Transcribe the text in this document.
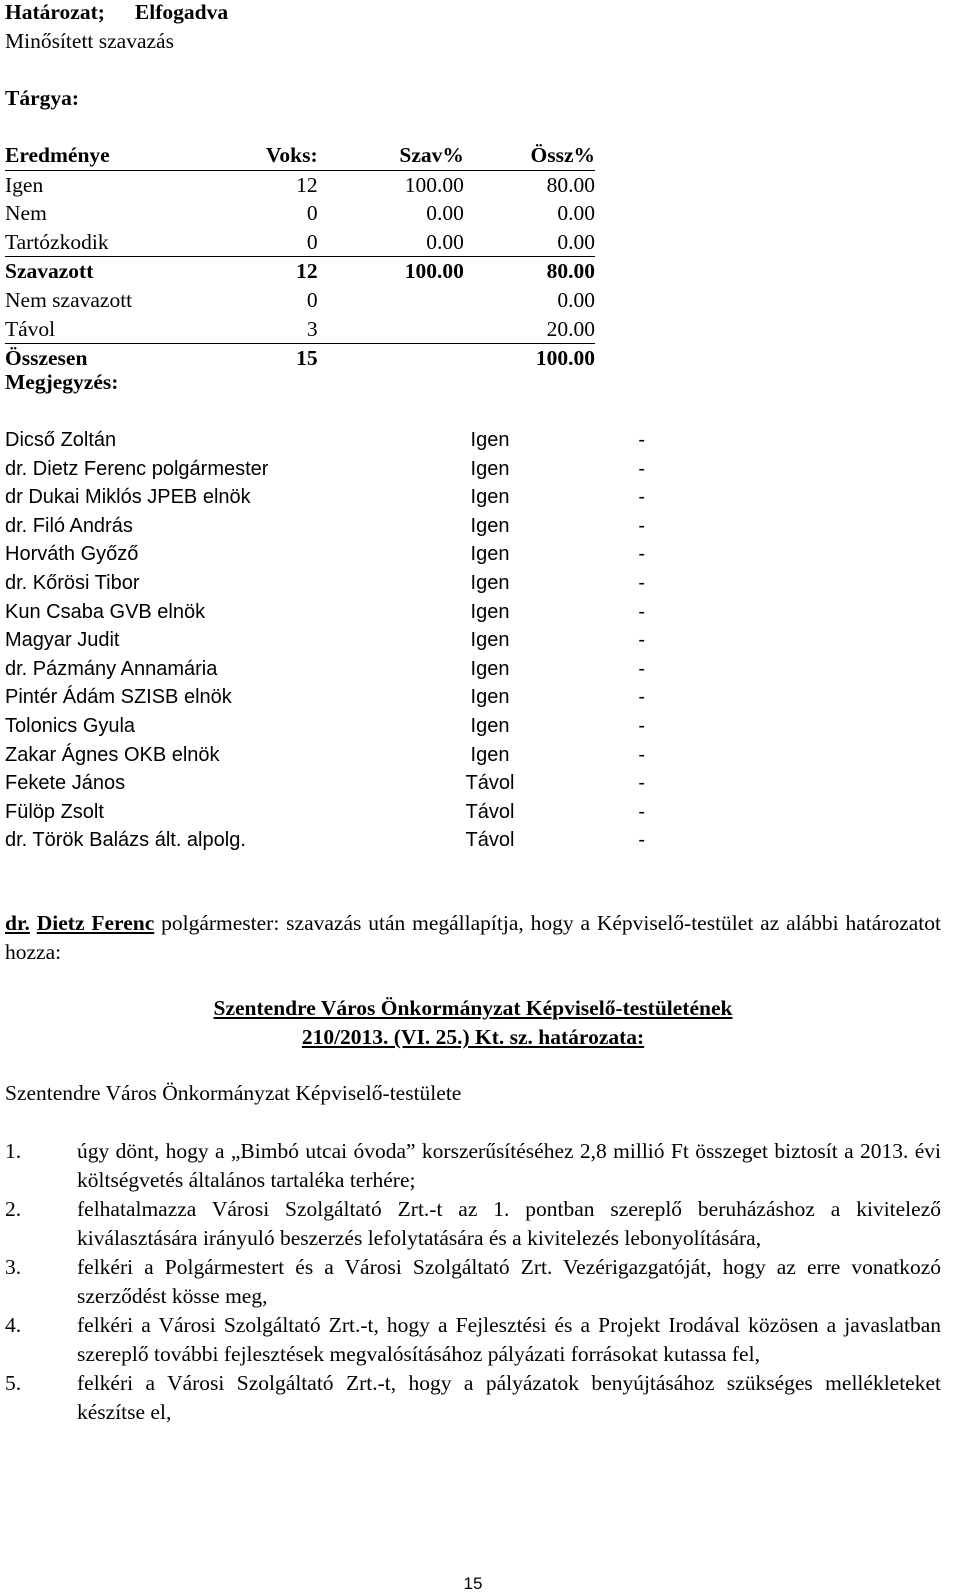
Határozat; Elfogadva
Minősített szavazás
Tárgya:
Eredménye	Voks:	Szav%	Össz%
Igen	12	100.00	80.00
Nem	0	0.00	0.00
Tartózkodik	0	0.00	0.00
Szavazott	12	100.00	80.00
Nem szavazott	0		0.00
Távol	3		20.00
Összesen	15		100.00
Megjegyzés:
Dicső Zoltán	Igen	-
dr. Dietz Ferenc polgármester	Igen	-
dr Dukai Miklós JPEB elnök	Igen	-
dr. Filó András	Igen	-
Horváth Győző	Igen	-
dr. Kőrösi Tibor	Igen	-
Kun Csaba GVB elnök	Igen	-
Magyar Judit	Igen	-
dr. Pázmány Annamária	Igen	-
Pintér Ádám SZISB elnök	Igen	-
Tolonics Gyula	Igen	-
Zakar Ágnes OKB elnök	Igen	-
Fekete János	Távol	-
Fülöp Zsolt	Távol	-
dr. Török Balázs ált. alpolg.	Távol	-
dr. Dietz Ferenc polgármester: szavazás után megállapítja, hogy a Képviselő-testület az alábbi határozatot hozza:
Szentendre Város Önkormányzat Képviselő-testületének
210/2013. (VI. 25.) Kt. sz. határozata:
Szentendre Város Önkormányzat Képviselő-testülete
1.	úgy dönt, hogy a „Bimbó utcai óvoda” korszerűsítéséhez 2,8 millió Ft összeget biztosít a 2013. évi költségvetés általános tartaléka terhére;
2.	felhatalmazza Városi Szolgáltató Zrt.-t az 1. pontban szereplő beruházáshoz a kivitelező kiválasztására irányuló beszerzés lefolytatására és a kivitelezés lebonyolítására,
3.	felkéri a Polgármestert és a Városi Szolgáltató Zrt. Vezérigazgatóját, hogy az erre vonatkozó szerződést kösse meg,
4.	felkéri a Városi Szolgáltató Zrt.-t, hogy a Fejlesztési és a Projekt Irodával közösen a javaslatban szereplő további fejlesztések megvalósításához pályázati forrásokat kutassa fel,
5.	felkéri a Városi Szolgáltató Zrt.-t, hogy a pályázatok benyújtásához szükséges mellékleteket készítse el,
15
